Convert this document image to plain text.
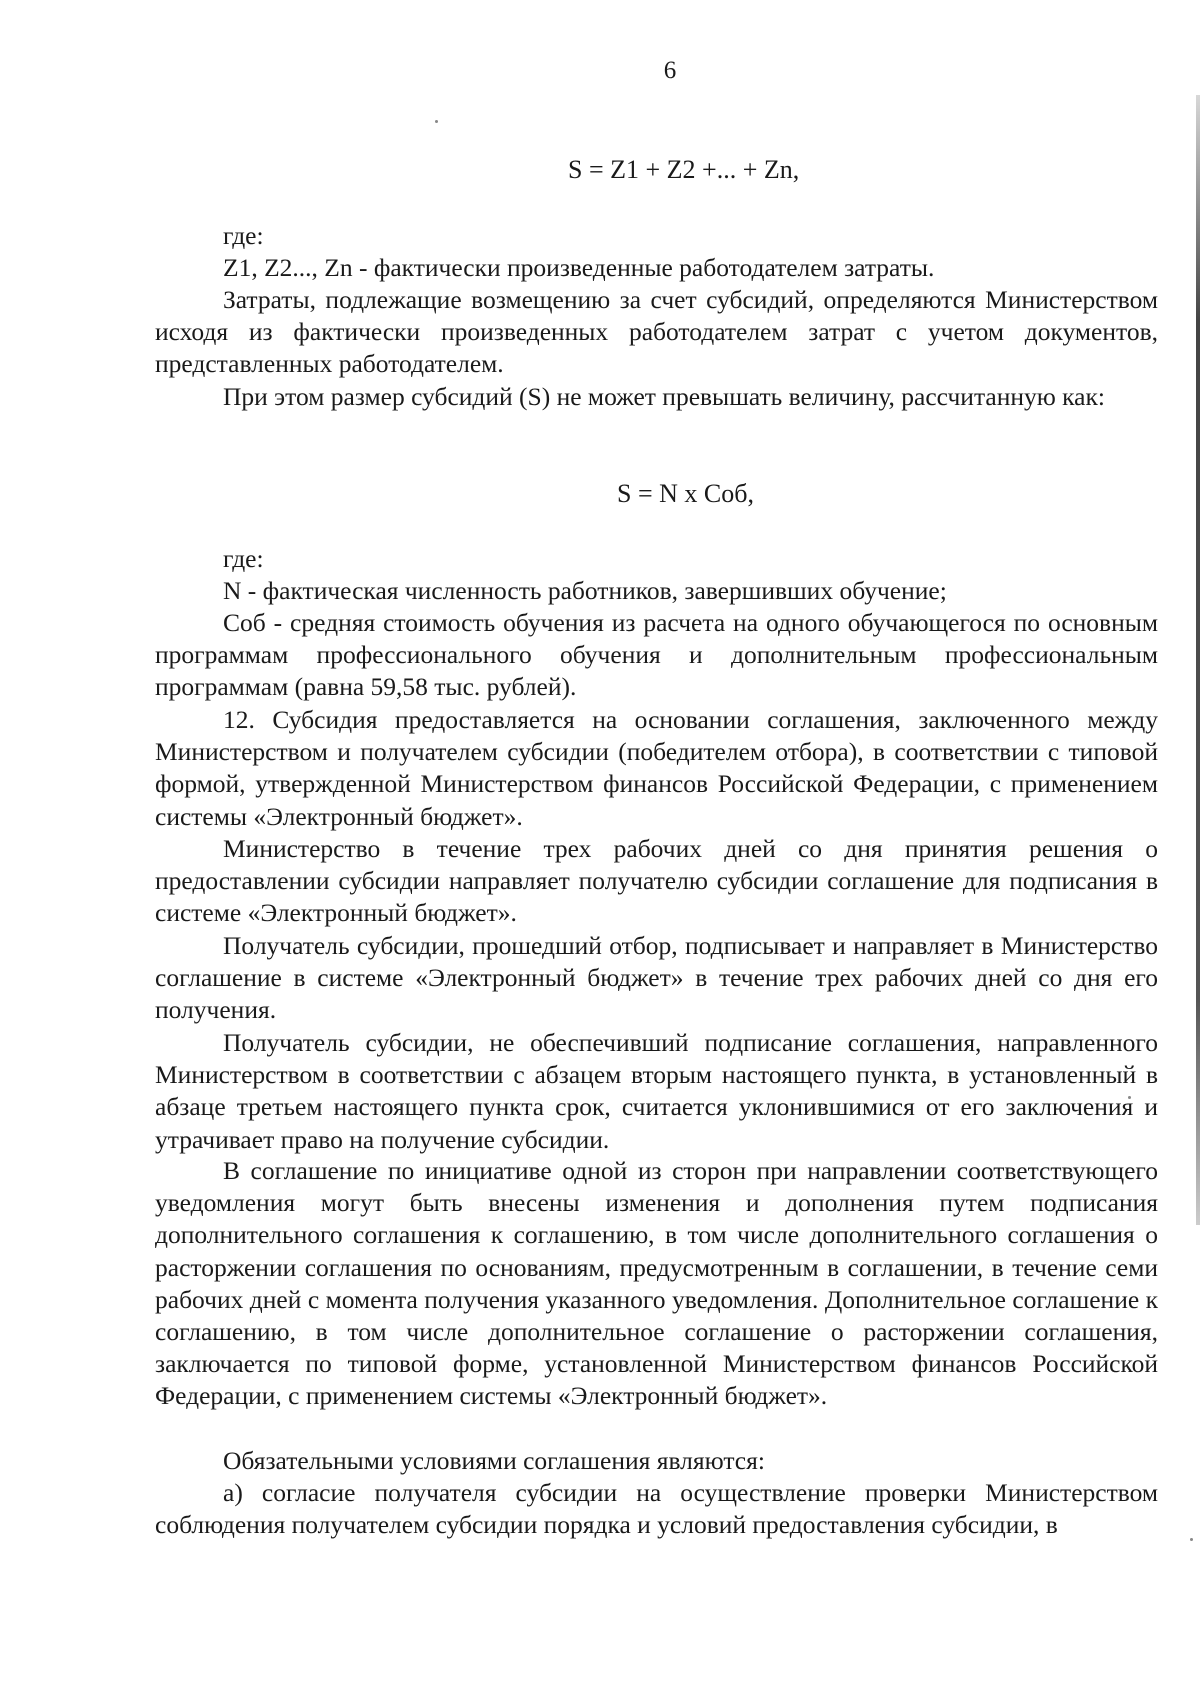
6
S = Z1 + Z2 +... + Zn,

где:

Z1, Z2..., Zn - фактически произведенные работодателем затраты.

Затраты, подлежащие возмещению за счет субсидий, определяются Министерством исходя из фактически произведенных работодателем затрат с учетом документов, представленных работодателем.

При этом размер субсидий (S) не может превышать величину, рассчитанную как:

S = N x Соб,

где:

N - фактическая численность работников, завершивших обучение;

Соб - средняя стоимость обучения из расчета на одного обучающегося по основным программам профессионального обучения и дополнительным профессиональным программам (равна 59,58 тыс. рублей).

12. Субсидия предоставляется на основании соглашения, заключенного между Министерством и получателем субсидии (победителем отбора), в соответствии с типовой формой, утвержденной Министерством финансов Российской Федерации, с применением системы «Электронный бюджет».

Министерство в течение трех рабочих дней со дня принятия решения о предоставлении субсидии направляет получателю субсидии соглашение для подписания в системе «Электронный бюджет».

Получатель субсидии, прошедший отбор, подписывает и направляет в Министерство соглашение в системе «Электронный бюджет» в течение трех рабочих дней со дня его получения.

Получатель субсидии, не обеспечивший подписание соглашения, направленного Министерством в соответствии с абзацем вторым настоящего пункта, в установленный в абзаце третьем настоящего пункта срок, считается уклонившимися от его заключения и утрачивает право на получение субсидии.

В соглашение по инициативе одной из сторон при направлении соответствующего уведомления могут быть внесены изменения и дополнения путем подписания дополнительного соглашения к соглашению, в том числе дополнительного соглашения о расторжении соглашения по основаниям, предусмотренным в соглашении, в течение семи рабочих дней с момента получения указанного уведомления. Дополнительное соглашение к соглашению, в том числе дополнительное соглашение о расторжении соглашения, заключается по типовой форме, установленной Министерством финансов Российской Федерации, с применением системы «Электронный бюджет».

Обязательными условиями соглашения являются:

а) согласие получателя субсидии на осуществление проверки Министерством соблюдения получателем субсидии порядка и условий предоставления субсидии, в
